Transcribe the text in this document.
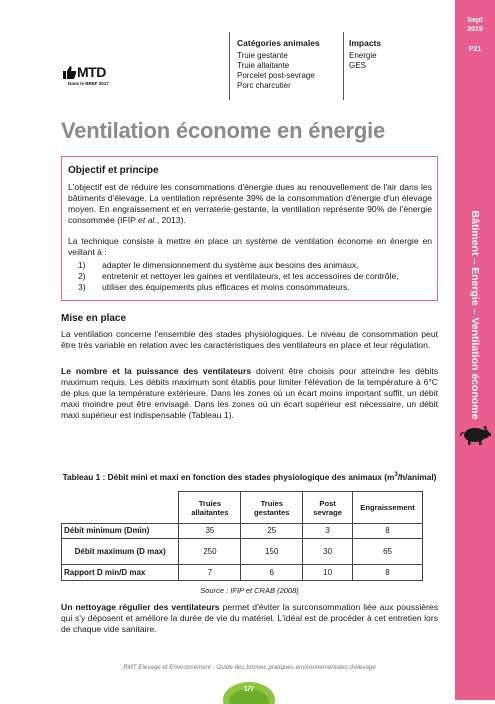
Sept
2019
P21
Bâtiment – Energie – Ventilation économe
MTD
Dans le BREF 2017
Catégories animales
Truie gestante
Truie allaitante
Porcelet post-sevrage
Porc charcutier
Impacts
Energie
GES
Ventilation économe en énergie
Objectif et principe
L'objectif est de réduire les consommations d'énergie dues au renouvellement de l'air dans les bâtiments d'élevage. La ventilation représente 39% de la consommation d'énergie d'un élevage moyen. En engraissement et en verraterie-gestante, la ventilation représente 90% de l'énergie consommée (IFIP et al., 2013).
La technique consiste à mettre en place un système de ventilation économe en énergie en veillant à :
1) adapter le dimensionnement du système aux besoins des animaux,
2) entretenir et nettoyer les gaines et ventilateurs, et les accessoires de contrôle,
3) utiliser des équipements plus efficaces et moins consommateurs.
Mise en place
La ventilation concerne l'ensemble des stades physiologiques. Le niveau de consommation peut être très variable en relation avec les caractéristiques des ventilateurs en place et leur régulation.
Le nombre et la puissance des ventilateurs doivent être choisis pour atteindre les débits maximum requis. Les débits maximum sont établis pour limiter l'élévation de la température à 6°C de plus que la température extérieure. Dans les zones où un écart moins important suffit, un débit maxi moindre peut être envisagé. Dans les zones où un écart supérieur est nécessaire, un débit maxi supérieur est indispensable (Tableau 1).
Tableau 1 : Débit mini et maxi en fonction des stades physiologique des animaux $(m^3/h/animal)$
	Truies allaitantes	Truies gestantes	Post sevrage	Engraissement
Débit minimum (Dmin)	35	25	3	8
Débit maximum (D max)	250	150	30	65
Rapport D min/D max	7	6	10	8
Source : IFIP et CRAB (2008)
Un nettoyage régulier des ventilateurs permet d'éviter la surconsommation liée aux poussières qui s'y déposent et améliore la durée de vie du matériel. L'idéal est de procéder à cet entretien lors de chaque vide sanitaire.
RMT Elevage et Environnement - Guide des bonnes pratiques environnementales d'élevage
1/7
